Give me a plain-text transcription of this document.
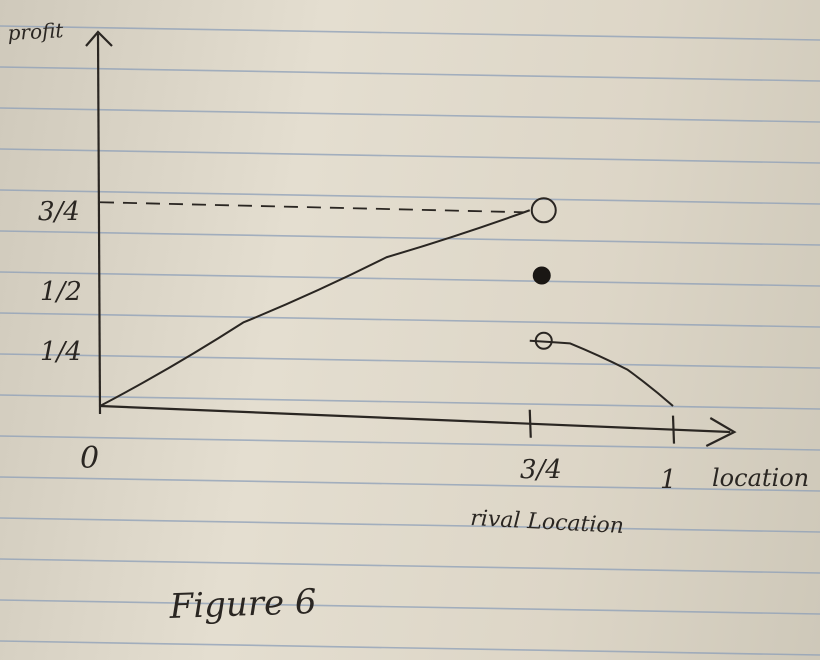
profit
location
0	3/4	1
rival Location
3/4
1/2
1/4
Figure 6
